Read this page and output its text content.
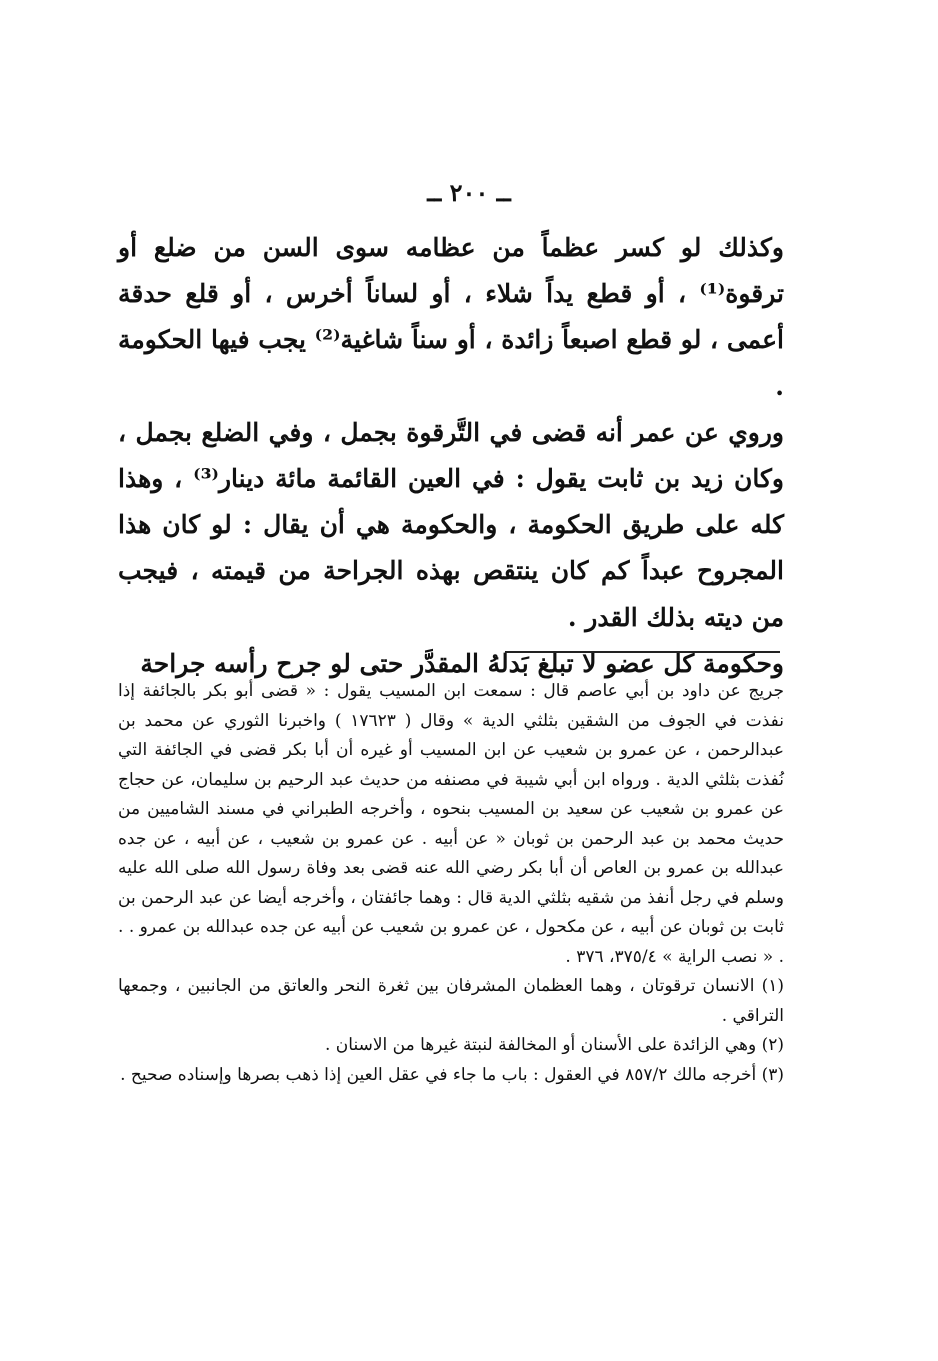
ــ ٢٠٠ ــ

وكذلك لو كسر عظماً من عظامه سوى السن من ضلع أو ترقوة⁽¹⁾ ، أو قطع يداً شلاء ، أو لساناً أخرس ، أو قلع حدقة أعمى ، لو قطع اصبعاً زائدة ، أو سناً شاغية⁽²⁾ يجب فيها الحكومة .

وروي عن عمر أنه قضى في التَّرقوة بجمل ، وفي الضلع بجمل ، وكان زيد بن ثابت يقول : في العين القائمة مائة دينار⁽³⁾ ، وهذا كله على طريق الحكومة ، والحكومة هي أن يقال : لو كان هذا المجروح عبداً كم كان ينتقص بهذه الجراحة من قيمته ، فيجب من ديته بذلك القدر .

وحكومة كل عضو لا تبلغ بَدلهُ المقدَّر حتى لو جرح رأسه جراحة

جريج عن داود بن أبي عاصم قال : سمعت ابن المسيب يقول : « قضى أبو بكر بالجائفة إذا نفذت في الجوف من الشقين بثلثي الدية » وقال ( ١٧٦٢٣ ) واخبرنا الثوري عن محمد بن عبدالرحمن ، عن عمرو بن شعيب عن ابن المسيب أو غيره أن أبا بكر قضى في الجائفة التي نُفذت بثلثي الدية . ورواه ابن أبي شيبة في مصنفه من حديث عبد الرحيم بن سليمان، عن حجاج عن عمرو بن شعيب عن سعيد بن المسيب بنحوه ، وأخرجه الطبراني في مسند الشاميين من حديث محمد بن عبد الرحمن بن ثوبان « عن أبيه . عن عمرو بن شعيب ، عن أبيه ، عن جده عبدالله بن عمرو بن العاص أن أبا بكر رضي الله عنه قضى بعد وفاة رسول الله صلى الله عليه وسلم في رجل أنفذ من شقيه بثلثي الدية قال : وهما جائفتان ، وأخرجه أيضا عن عبد الرحمن بن ثابت بن ثوبان عن أبيه ، عن مكحول ، عن عمرو بن شعيب عن أبيه عن جده عبدالله بن عمرو . . . « نصب الراية » ٣٧٥/٤، ٣٧٦ .

(١) الانسان ترقوتان ، وهما العظمان المشرفان بين ثغرة النحر والعاتق من الجانبين ، وجمعها التراقي .

(٢) وهي الزائدة على الأسنان أو المخالفة لنبتة غيرها من الاسنان .

(٣) أخرجه مالك ٨٥٧/٢ في العقول : باب ما جاء في عقل العين إذا ذهب بصرها وإسناده صحيح .
